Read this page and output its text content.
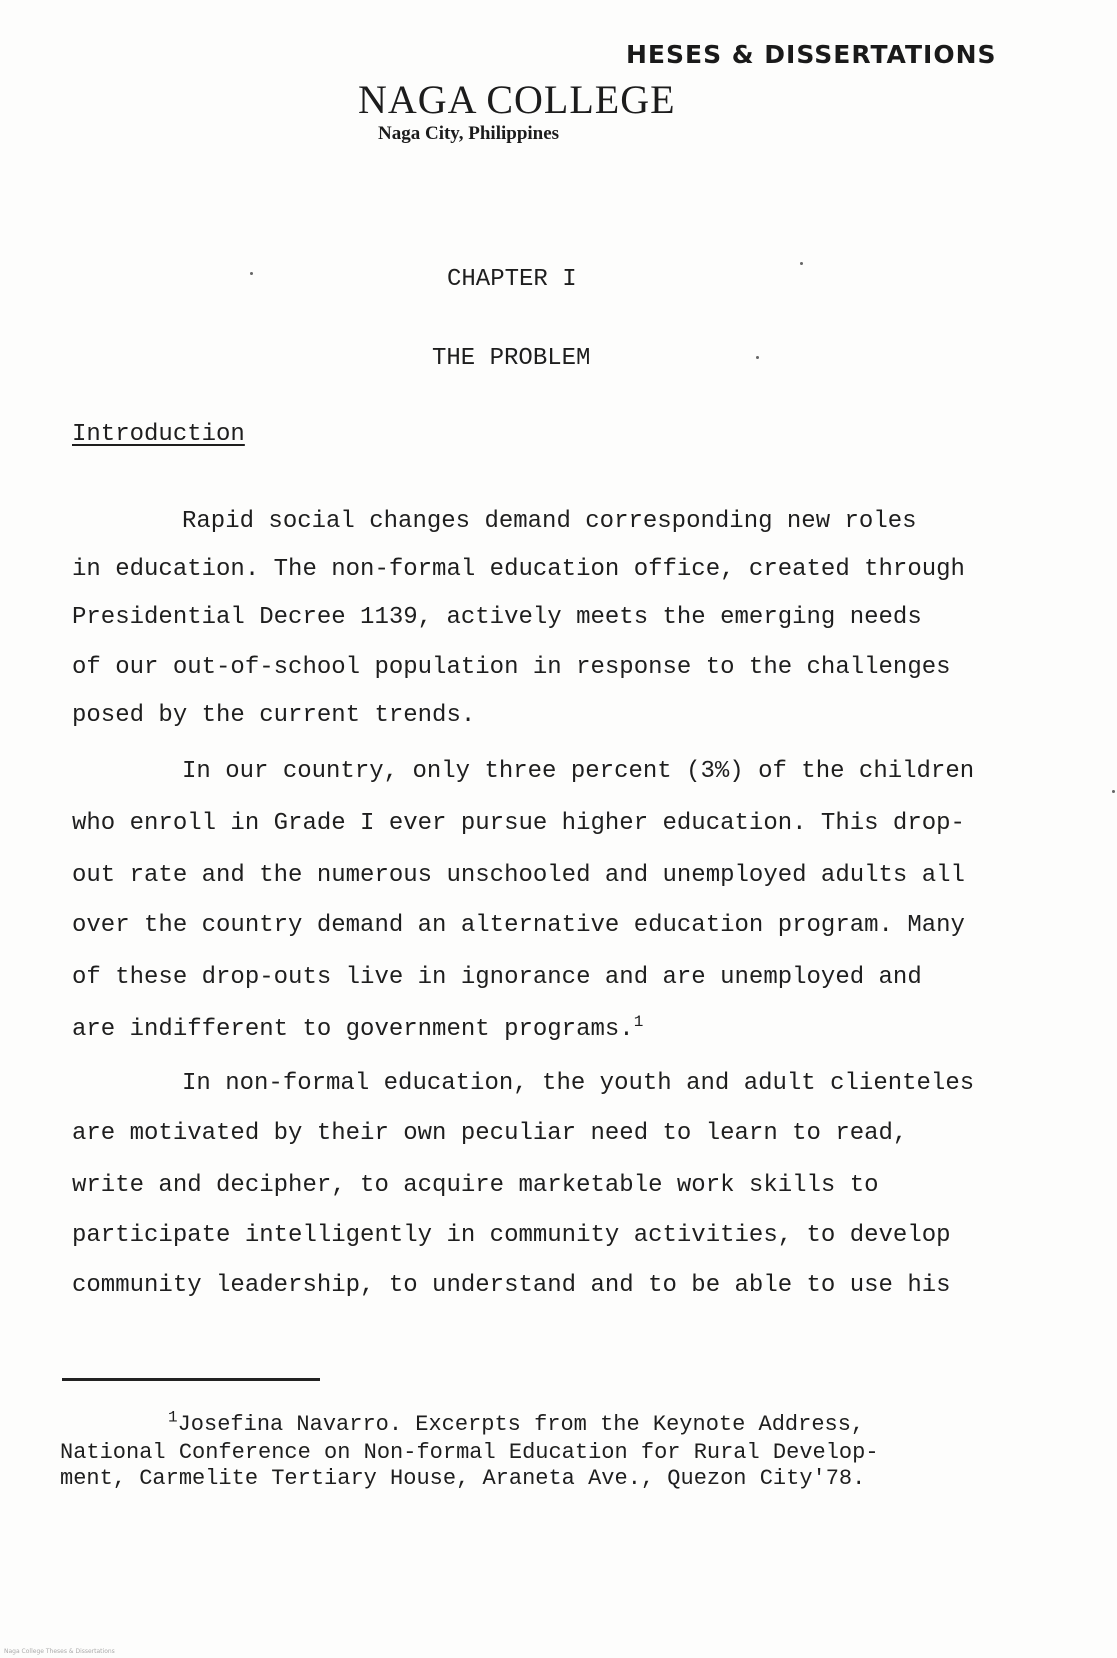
HESES & DISSERTATIONS
NAGA COLLEGE
Naga City, Philippines
CHAPTER I
THE PROBLEM
Introduction
Rapid social changes demand corresponding new roles
in education. The non-formal education office, created through
Presidential Decree 1139, actively meets the emerging needs
of our out-of-school population in response to the challenges
posed by the current trends.
In our country, only three percent (3%) of the children
who enroll in Grade I ever pursue higher education. This drop-
out rate and the numerous unschooled and unemployed adults all
over the country demand an alternative education program. Many
of these drop-outs live in ignorance and are unemployed and
are indifferent to government programs.$^1$
In non-formal education, the youth and adult clienteles
are motivated by their own peculiar need to learn to read,
write and decipher, to acquire marketable work skills to
participate intelligently in community activities, to develop
community leadership, to understand and to be able to use his
$^1$Josefina Navarro. Excerpts from the Keynote Address,
National Conference on Non-formal Education for Rural Develop-
ment, Carmelite Tertiary House, Araneta Ave., Quezon City'78.
Naga College Theses & Dissertations
